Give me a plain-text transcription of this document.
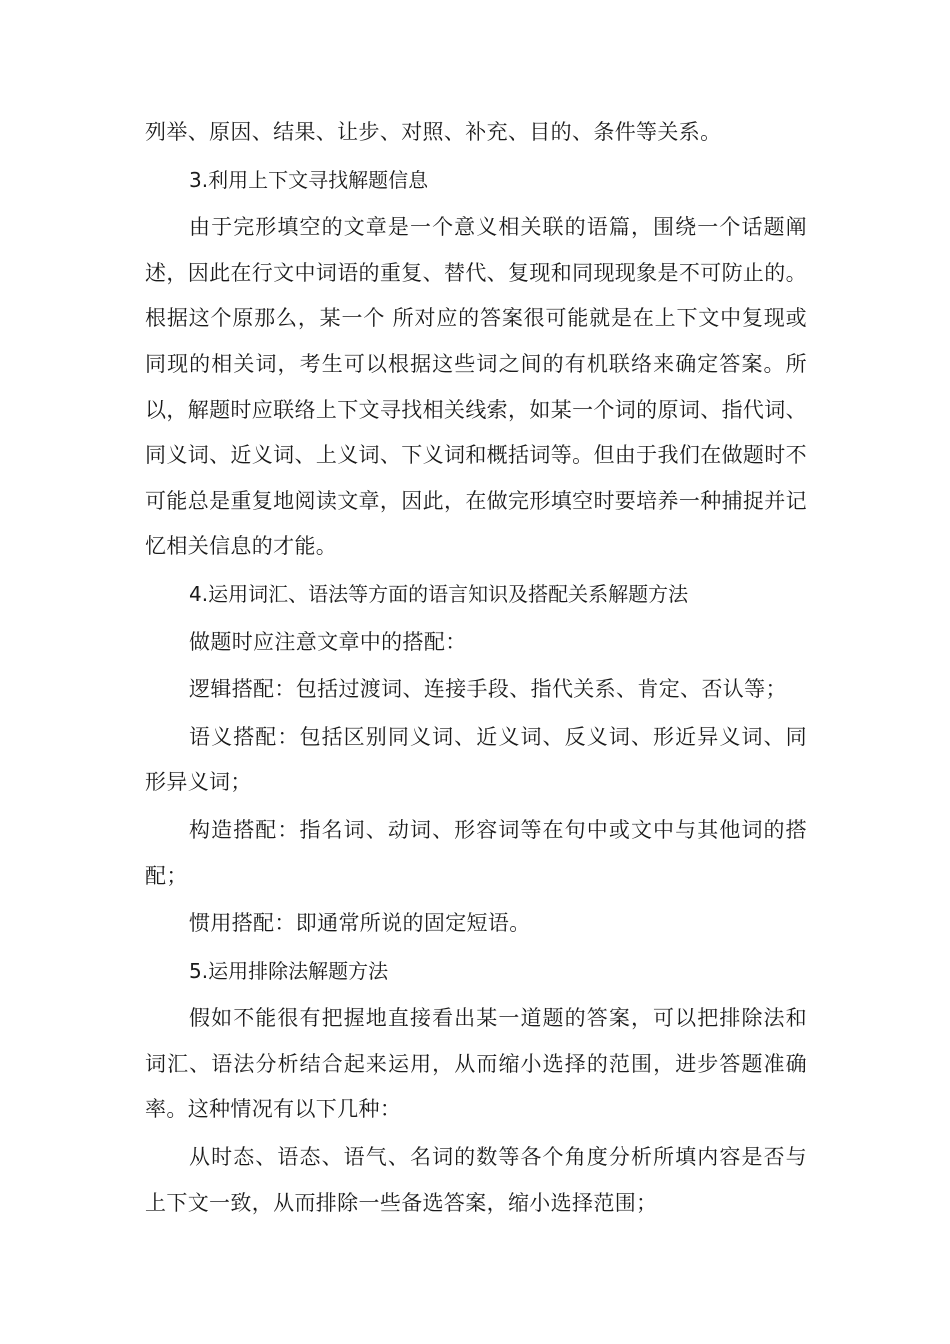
列举、原因、结果、让步、对照、补充、目的、条件等关系。

3.利用上下文寻找解题信息

由于完形填空的文章是一个意义相关联的语篇，围绕一个话题阐述，因此在行文中词语的重复、替代、复现和同现现象是不可防止的。根据这个原那么，某一个 所对应的答案很可能就是在上下文中复现或同现的相关词，考生可以根据这些词之间的有机联络来确定答案。所以，解题时应联络上下文寻找相关线索，如某一个词的原词、指代词、同义词、近义词、上义词、下义词和概括词等。但由于我们在做题时不可能总是重复地阅读文章，因此，在做完形填空时要培养一种捕捉并记忆相关信息的才能。

4.运用词汇、语法等方面的语言知识及搭配关系解题方法

做题时应注意文章中的搭配：

逻辑搭配：包括过渡词、连接手段、指代关系、肯定、否认等；

语义搭配：包括区别同义词、近义词、反义词、形近异义词、同形异义词；

构造搭配：指名词、动词、形容词等在句中或文中与其他词的搭配；

惯用搭配：即通常所说的固定短语。

5.运用排除法解题方法

假如不能很有把握地直接看出某一道题的答案，可以把排除法和词汇、语法分析结合起来运用，从而缩小选择的范围，进步答题准确率。这种情况有以下几种：

从时态、语态、语气、名词的数等各个角度分析所填内容是否与上下文一致，从而排除一些备选答案，缩小选择范围；
